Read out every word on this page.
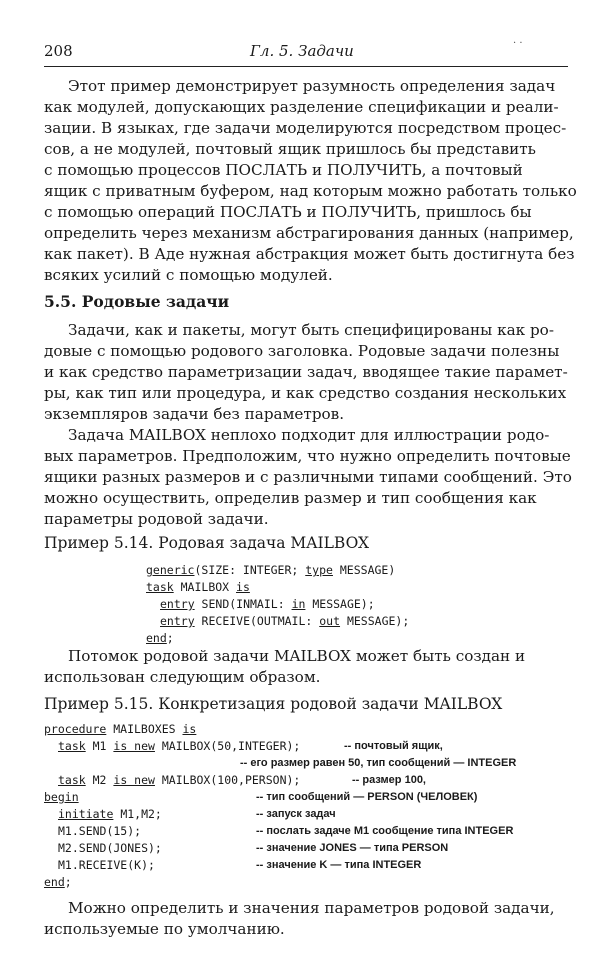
208	Гл. 5. Задачи	· ·
Этот пример демонстрирует разумность определения задач
как модулей, допускающих разделение спецификации и реали-
зации. В языках, где задачи моделируются посредством процес-
сов, а не модулей, почтовый ящик пришлось бы представить
с помощью процессов ПОСЛАТЬ и ПОЛУЧИТЬ, а почтовый
ящик с приватным буфером, над которым можно работать только
с помощью операций ПОСЛАТЬ и ПОЛУЧИТЬ, пришлось бы
определить через механизм абстрагирования данных (например,
как пакет). В Аде нужная абстракция может быть достигнута без
всяких усилий с помощью модулей.
5.5. Родовые задачи
Задачи, как и пакеты, могут быть специфицированы как ро-
довые с помощью родового заголовка. Родовые задачи полезны
и как средство параметризации задач, вводящее такие парамет-
ры, как тип или процедура, и как средство создания нескольких
экземпляров задачи без параметров.
Задача MAILBOX неплохо подходит для иллюстрации родо-
вых параметров. Предположим, что нужно определить почтовые
ящики разных размеров и с различными типами сообщений. Это
можно осуществить, определив размер и тип сообщения как
параметры родовой задачи.
Пример 5.14. Родовая задача MAILBOX
generic(SIZE: INTEGER; type MESSAGE)
task MAILBOX is
entry SEND(INMAIL: in MESSAGE);
entry RECEIVE(OUTMAIL: out MESSAGE);
end;
Потомок родовой задачи MAILBOX может быть создан и
использован следующим образом.
Пример 5.15. Конкретизация родовой задачи MAILBOX
procedure MAILBOXES is
task M1 is new MAILBOX(50,INTEGER);	-- почтовый ящик,
-- его размер равен 50, тип сообщений — INTEGER
task M2 is new MAILBOX(100,PERSON);	-- размер 100,
begin	-- тип сообщений — PERSON (ЧЕЛОВЕК)
initiate M1,M2;	-- запуск задач
M1.SEND(15);	-- послать задаче M1 сообщение типа INTEGER
M2.SEND(JONES);	-- значение JONES — типа PERSON
M1.RECEIVE(K);	-- значение K — типа INTEGER
end;
Можно определить и значения параметров родовой задачи,
используемые по умолчанию.
